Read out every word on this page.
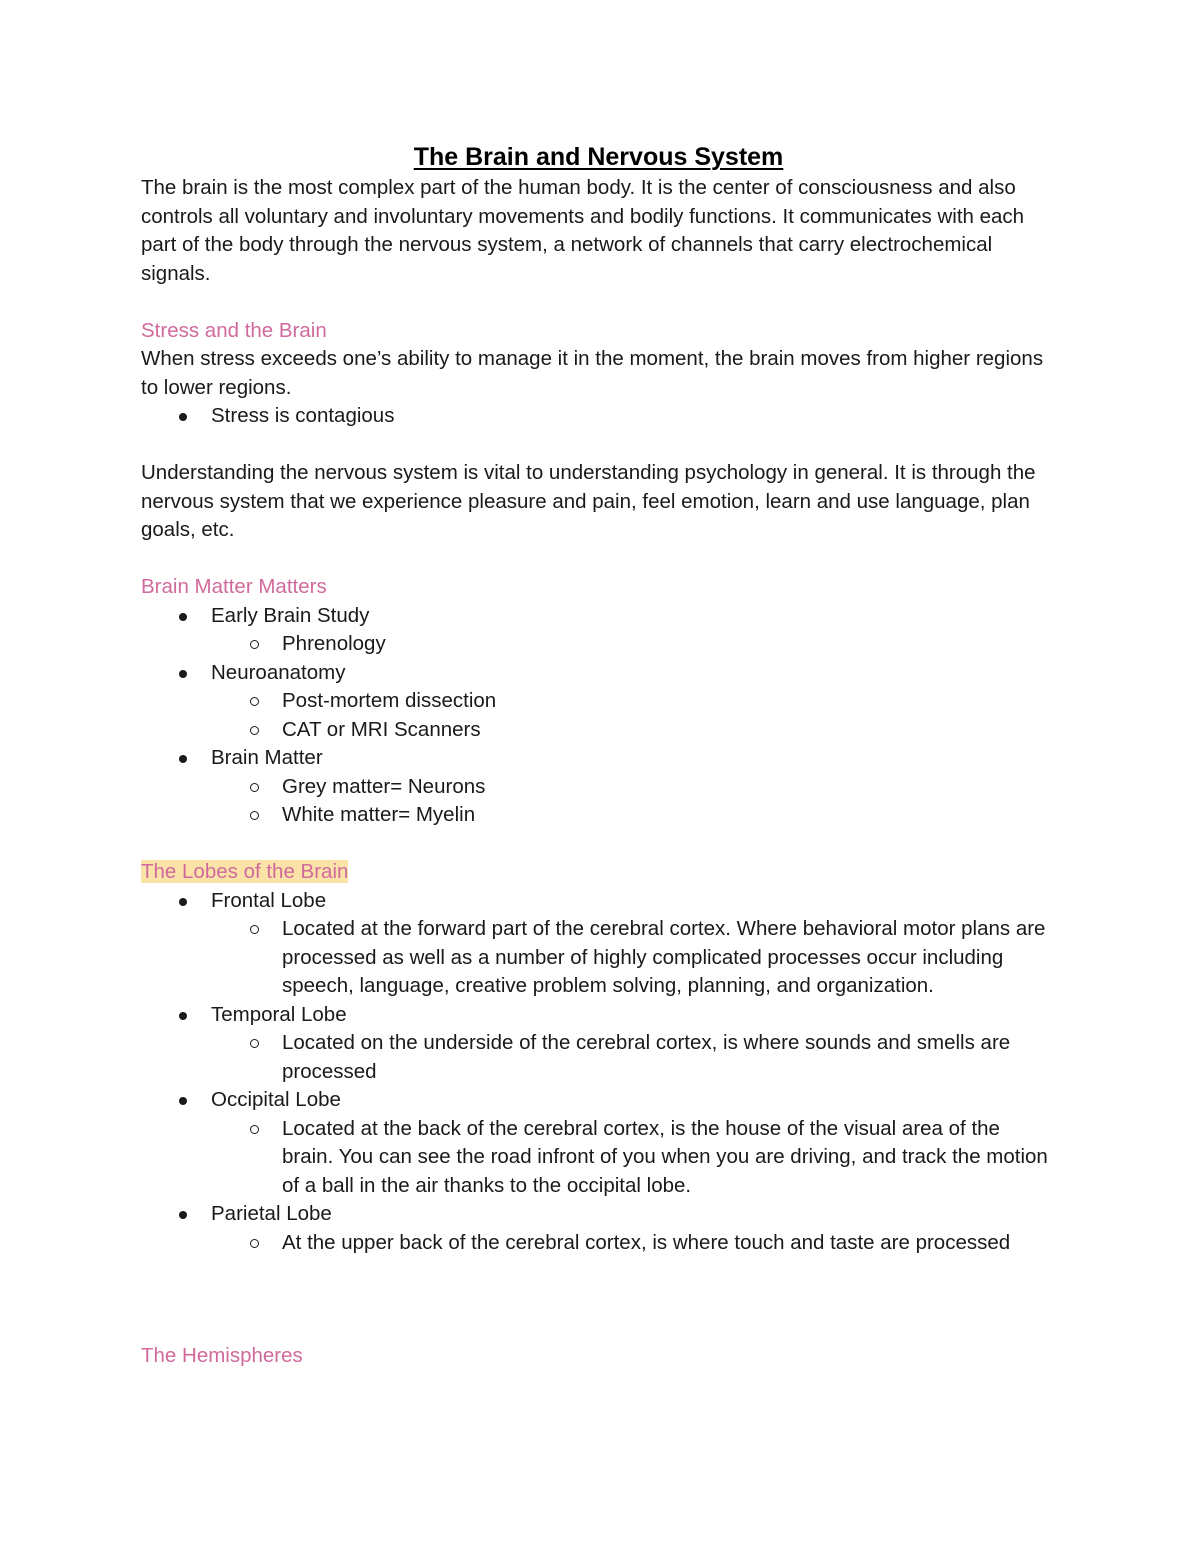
The Brain and Nervous System

The brain is the most complex part of the human body. It is the center of consciousness and also controls all voluntary and involuntary movements and bodily functions. It communicates with each part of the body through the nervous system, a network of channels that carry electrochemical signals.

Stress and the Brain

When stress exceeds one’s ability to manage it in the moment, the brain moves from higher regions to lower regions.

Stress is contagious

Understanding the nervous system is vital to understanding psychology in general. It is through the nervous system that we experience pleasure and pain, feel emotion, learn and use language, plan goals, etc.

Brain Matter Matters

Early Brain Study
Phrenology
Neuroanatomy
Post-mortem dissection
CAT or MRI Scanners
Brain Matter
Grey matter= Neurons
White matter= Myelin

The Lobes of the Brain

Frontal Lobe
Located at the forward part of the cerebral cortex. Where behavioral motor plans are processed as well as a number of highly complicated processes occur including speech, language, creative problem solving, planning, and organization.
Temporal Lobe
Located on the underside of the cerebral cortex, is where sounds and smells are processed
Occipital Lobe
Located at the back of the cerebral cortex, is the house of the visual area of the brain. You can see the road infront of you when you are driving, and track the motion of a ball in the air thanks to the occipital lobe.
Parietal Lobe
At the upper back of the cerebral cortex, is where touch and taste are processed

The Hemispheres
